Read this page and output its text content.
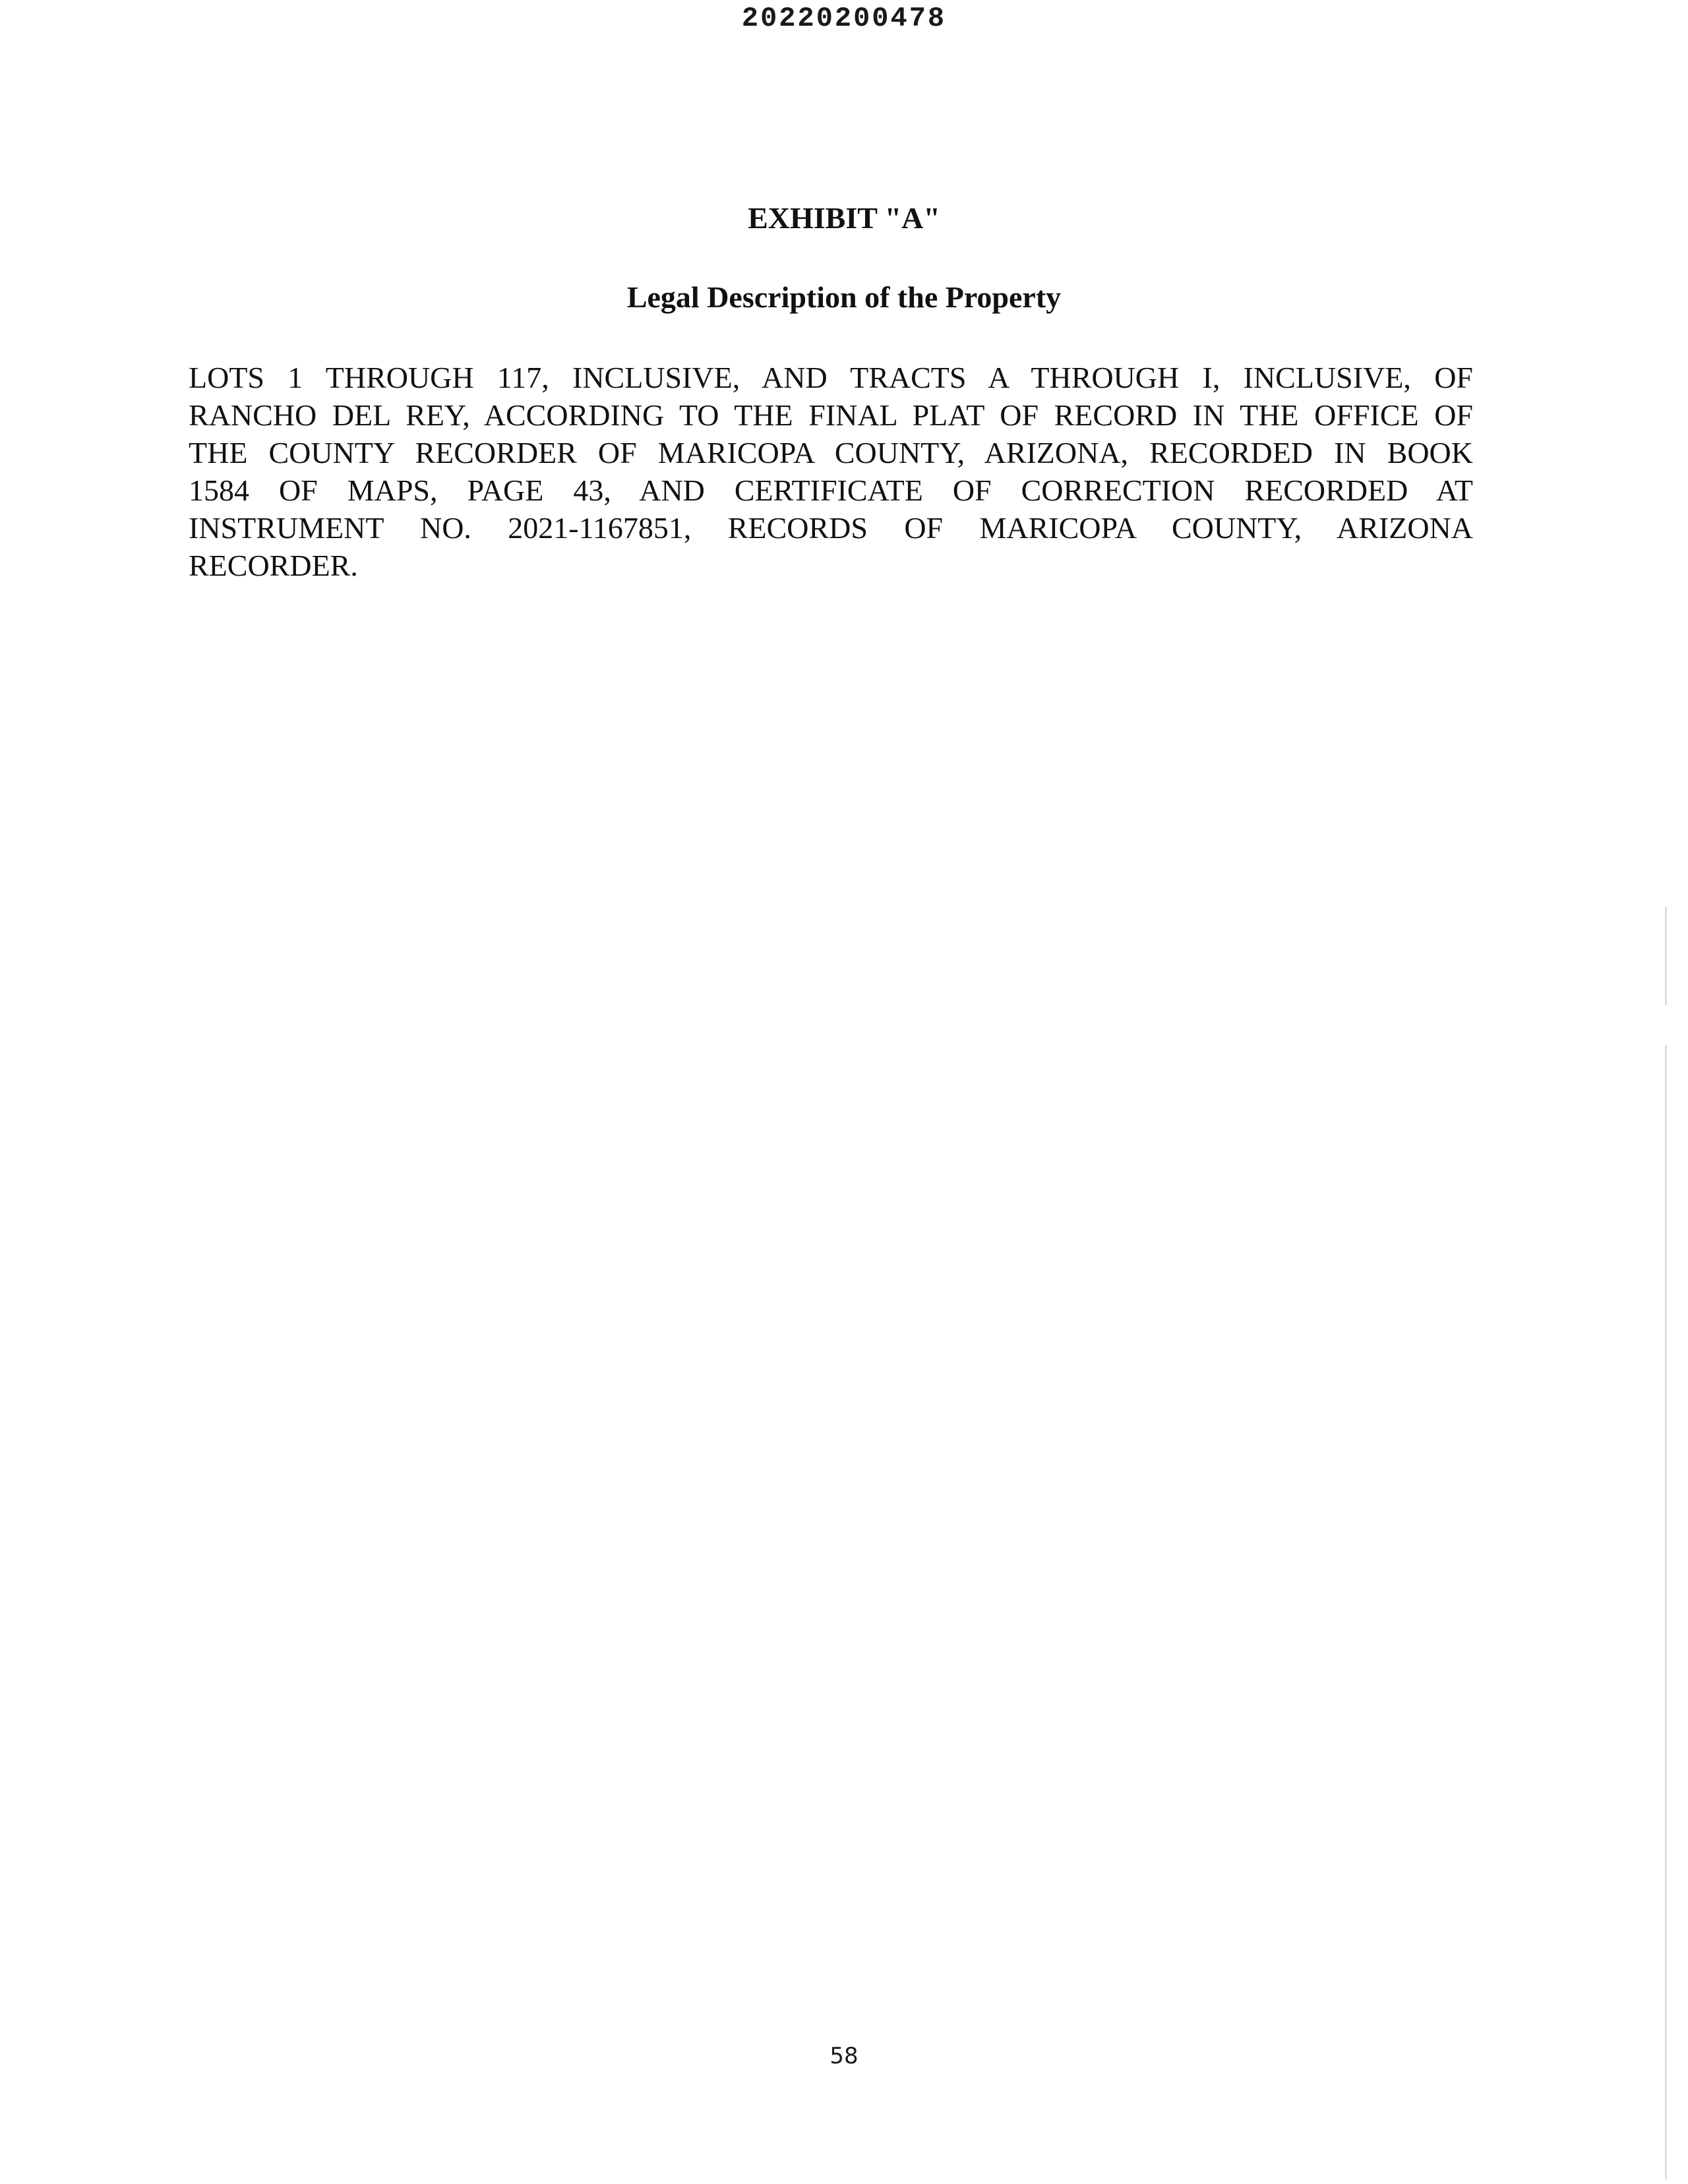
20220200478
EXHIBIT "A"
Legal Description of the Property
LOTS 1 THROUGH 117, INCLUSIVE, AND TRACTS A THROUGH I, INCLUSIVE, OF
RANCHO DEL REY, ACCORDING TO THE FINAL PLAT OF RECORD IN THE OFFICE OF
THE COUNTY RECORDER OF MARICOPA COUNTY, ARIZONA, RECORDED IN BOOK
1584 OF MAPS, PAGE 43, AND CERTIFICATE OF CORRECTION RECORDED AT
INSTRUMENT NO. 2021-1167851, RECORDS OF MARICOPA COUNTY, ARIZONA
RECORDER.
58
